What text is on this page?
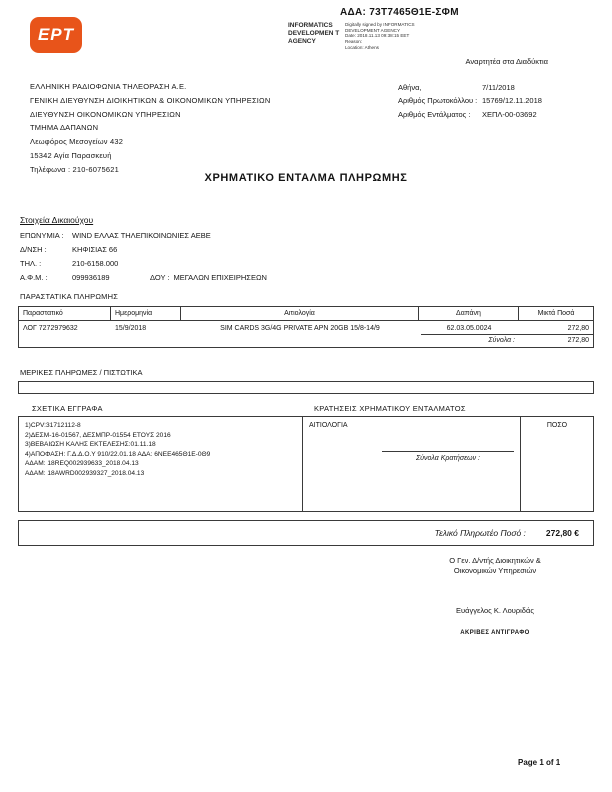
ΕΡΤ
ΑΔΑ: 73Τ7465Θ1Ε-ΣΦΜ
INFORMATICS DEVELOPMEN T AGENCY
Digitally signed by INFORMATICS DEVELOPMENT AGENCY
Date: 2018.11.13 09:38:15 EET
Reason:
Location: Athens
ΕΛΛΗΝΙΚΗ ΡΑΔΙΟΦΩΝΙΑ ΤΗΛΕΟΡΑΣΗ Α.Ε.
ΓΕΝΙΚΗ ΔΙΕΥΘΥΝΣΗ ΔΙΟΙΚΗΤΙΚΩΝ & ΟΙΚΟΝΟΜΙΚΩΝ ΥΠΗΡΕΣΙΩΝ
ΔΙΕΥΘΥΝΣΗ ΟΙΚΟΝΟΜΙΚΩΝ ΥΠΗΡΕΣΙΩΝ
ΤΜΗΜΑ ΔΑΠΑΝΩΝ
Λεωφόρος Μεσογείων 432
15342 Αγία Παρασκευή
Τηλέφωνα : 210-6075621
Αναρτητέα στα Διαδύκτια
Αθήνα,	7/11/2018
Αριθμός Πρωτοκόλλου : 15769/12.11.2018
Αριθμός Εντάλματος :	ΧΕΠΛ-00-03692
ΧΡΗΜΑΤΙΚΟ ΕΝΤΑΛΜΑ ΠΛΗΡΩΜΗΣ
Στοιχεία Δικαιούχου
ΕΠΩΝΥΜΙΑ :	WIND ΕΛΛΑΣ ΤΗΛΕΠΙΚΟΙΝΩΝΙΕΣ ΑΕΒΕ
Δ/ΝΣΗ :	ΚΗΦΙΣΙΑΣ 66
ΤΗΛ. :	210-6158.000
Α.Φ.Μ. :	099936189	ΔΟΥ : ΜΕΓΑΛΩΝ ΕΠΙΧΕΙΡΗΣΕΩΝ
ΠΑΡΑΣΤΑΤΙΚΑ ΠΛΗΡΩΜΗΣ
Παραστατικό	Ημερομηνία	Αιτιολογία	Δαπάνη	Μικτά Ποσά
ΛΟΓ 7272979632	15/9/2018	SIM CARDS 3G/4G PRIVATE APN 20GB 15/8-14/9	62.03.05.0024	272,80
Σύνολα :	272,80
ΜΕΡΙΚΕΣ ΠΛΗΡΩΜΕΣ / ΠΙΣΤΩΤΙΚΑ
ΣΧΕΤΙΚΑ ΕΓΓΡΑΦΑ	ΚΡΑΤΗΣΕΙΣ ΧΡΗΜΑΤΙΚΟΥ ΕΝΤΑΛΜΑΤΟΣ
1)CPV:31712112-8
2)ΔΕΣΜ-16-01567, ΔΕΣΜΠΡ-01554 ΕΤΟΥΣ 2016
3)ΒΕΒΑΙΩΣΗ ΚΑΛΗΣ ΕΚΤΕΛΕΣΗΣ:01.11.18
4)ΑΠΟΦΑΣΗ: Γ.Δ.Δ.Ο.Υ 910/22.01.18 ΑΔΑ: 6ΝΕΕ465Θ1Ε-0Θ9
ΑΔΑΜ: 18REQ002939633_2018.04.13
ΑΔΑΜ: 18AWRD002939327_2018.04.13
ΑΙΤΙΟΛΟΓΙΑ
Σύνολα Κρατήσεων :
ΠΟΣΟ
Τελικό Πληρωτέο Ποσό : 272,80 €
Ο Γεν. Δ/ντής Διοικητικών &
Οικονομικών Υπηρεσιών
Ευάγγελος Κ. Λουριδάς
ΑΚΡΙΒΕΣ ΑΝΤΙΓΡΑΦΟ
Page 1 of 1
